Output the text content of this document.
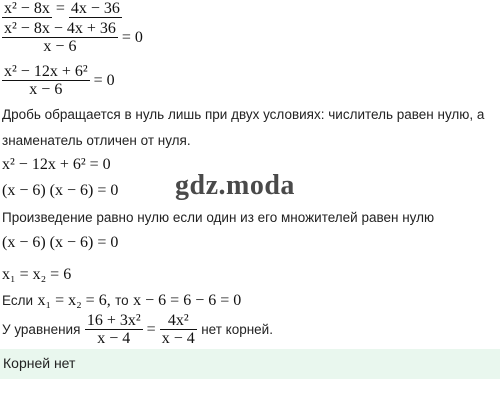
x² − 8x = 4x − 36
$\frac{\text{x² − 8x − 4x + 36}}{x - 6} = 0$
$\frac{\text{x² − 12x + 6²}}{x - 6} = 0$
Дробь обращается в нуль лишь при двух условиях: числитель равен нулю, а
знаменатель отличен от нуля.
x² − 12x + 6² = 0
(x − 6) (x − 6) = 0 gdz.moda
Произведение равно нулю если один из его множителей равен нулю
(x − 6) (x − 6) = 0
x₁ = x₂ = 6
Если x₁ = x₂ = 6, то x − 6 = 6 − 6 = 0
У уравнения $\frac{\text{16 + 3x²}}{x - 4} = \frac{\text{4x²}}{x - 4}$ нет корней.
Корней нет
